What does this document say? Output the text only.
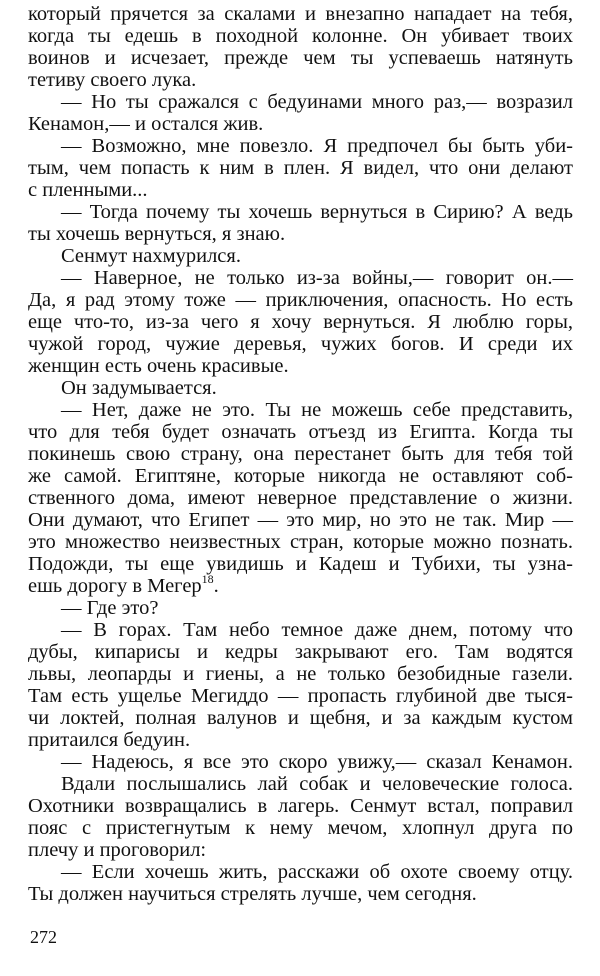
который прячется за скалами и внезапно нападает на тебя,
когда ты едешь в походной колонне. Он убивает твоих
воинов и исчезает, прежде чем ты успеваешь натянуть
тетиву своего лука.
— Но ты сражался с бедуинами много раз,— возразил
Кенамон,— и остался жив.
— Возможно, мне повезло. Я предпочел бы быть уби-
тым, чем попасть к ним в плен. Я видел, что они делают
с пленными...
— Тогда почему ты хочешь вернуться в Сирию? А ведь
ты хочешь вернуться, я знаю.
Сенмут нахмурился.
— Наверное, не только из-за войны,— говорит он.—
Да, я рад этому тоже — приключения, опасность. Но есть
еще что-то, из-за чего я хочу вернуться. Я люблю горы,
чужой город, чужие деревья, чужих богов. И среди их
женщин есть очень красивые.
Он задумывается.
— Нет, даже не это. Ты не можешь себе представить,
что для тебя будет означать отъезд из Египта. Когда ты
покинешь свою страну, она перестанет быть для тебя той
же самой. Египтяне, которые никогда не оставляют соб-
ственного дома, имеют неверное представление о жизни.
Они думают, что Египет — это мир, но это не так. Мир —
это множество неизвестных стран, которые можно познать.
Подожди, ты еще увидишь и Кадеш и Тубихи, ты узна-
ешь дорогу в Мегер$^{18}$.
— Где это?
— В горах. Там небо темное даже днем, потому что
дубы, кипарисы и кедры закрывают его. Там водятся
львы, леопарды и гиены, а не только безобидные газели.
Там есть ущелье Мегиддо — пропасть глубиной две тыся-
чи локтей, полная валунов и щебня, и за каждым кустом
притаился бедуин.
— Надеюсь, я все это скоро увижу,— сказал Кенамон.
Вдали послышались лай собак и человеческие голоса.
Охотники возвращались в лагерь. Сенмут встал, поправил
пояс с пристегнутым к нему мечом, хлопнул друга по
плечу и проговорил:
— Если хочешь жить, расскажи об охоте своему отцу.
Ты должен научиться стрелять лучше, чем сегодня.
272
